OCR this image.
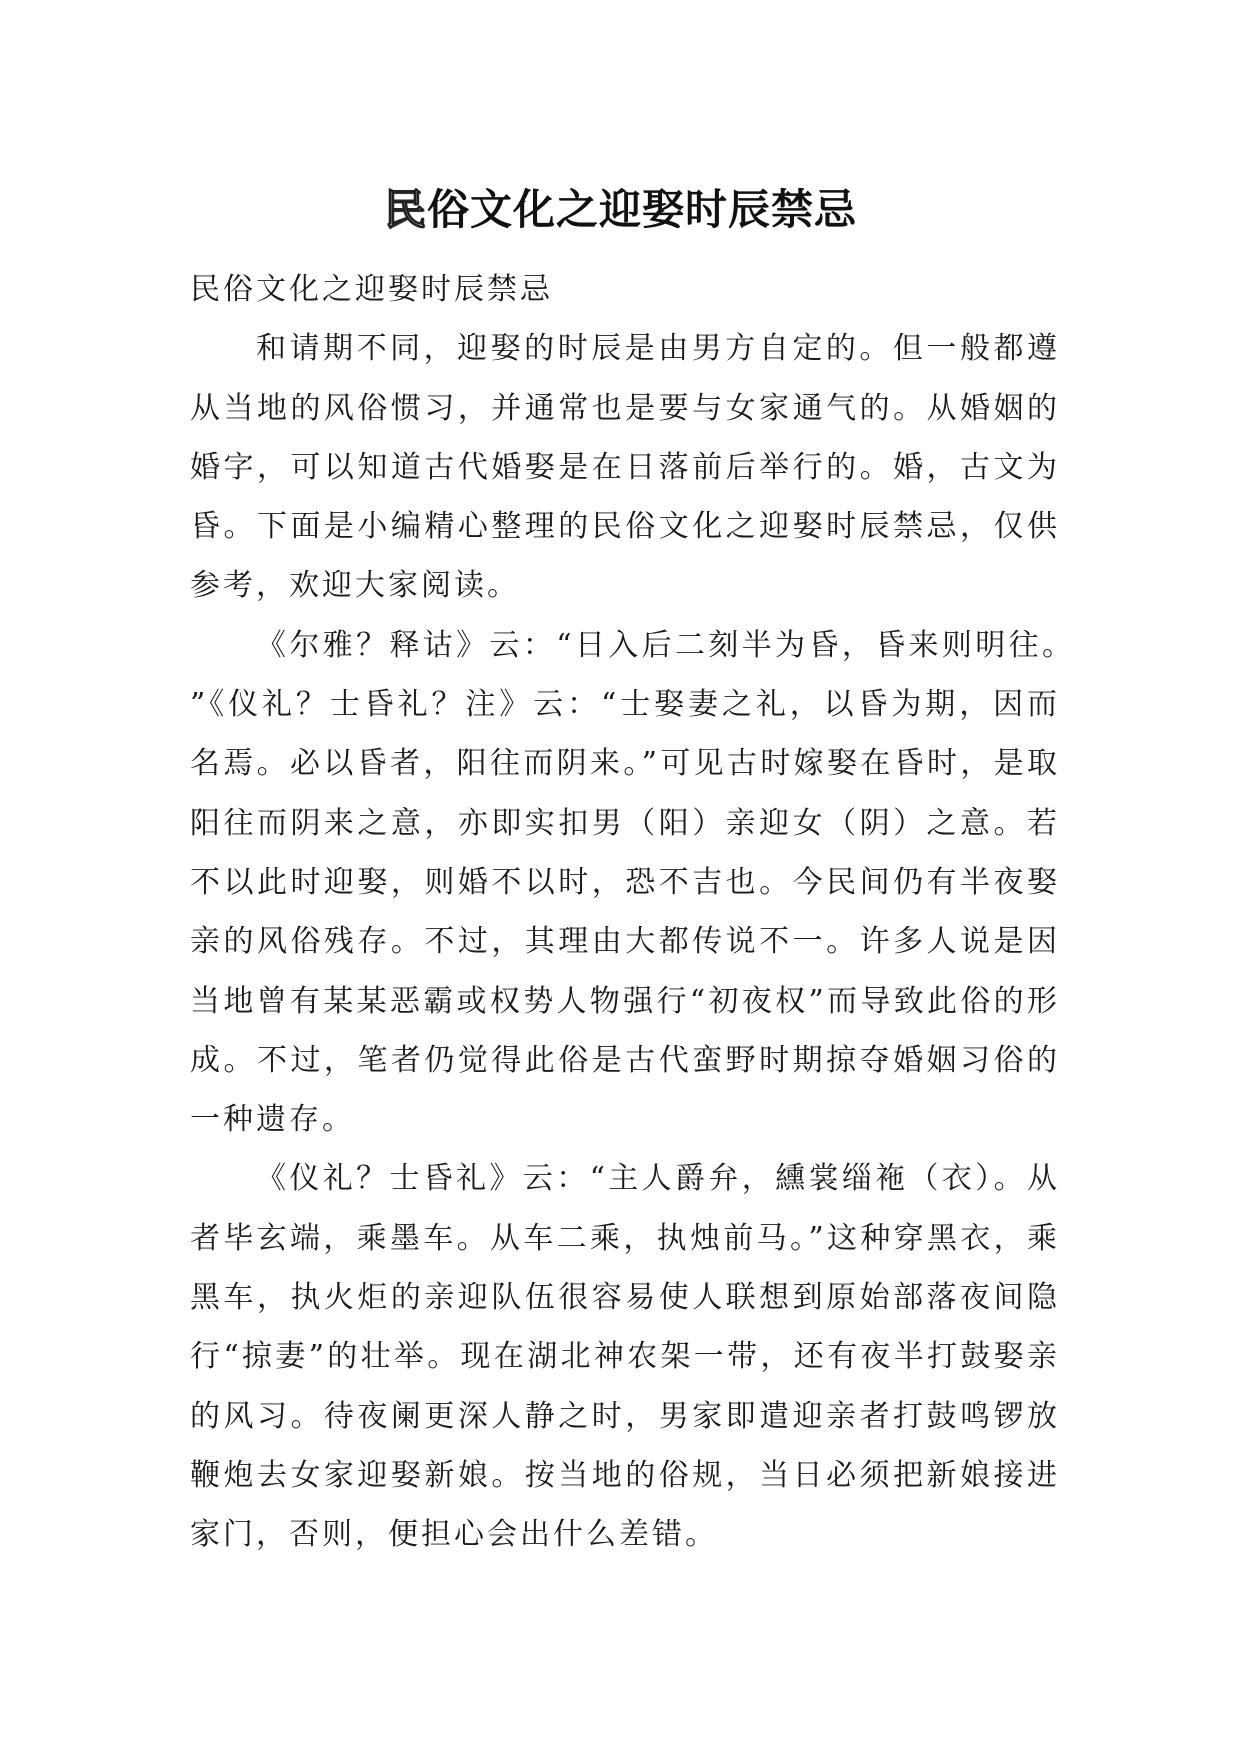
民俗文化之迎娶时辰禁忌

民俗文化之迎娶时辰禁忌

和请期不同，迎娶的时辰是由男方自定的。但一般都遵从当地的风俗惯习，并通常也是要与女家通气的。从婚姻的婚字，可以知道古代婚娶是在日落前后举行的。婚，古文为昏。下面是小编精心整理的民俗文化之迎娶时辰禁忌，仅供参考，欢迎大家阅读。

《尔雅？释诂》云：“日入后二刻半为昏，昏来则明往。”《仪礼？士昏礼？注》云：“士娶妻之礼，以昏为期，因而名焉。必以昏者，阳往而阴来。”可见古时嫁娶在昏时，是取阳往而阴来之意，亦即实扣男（阳）亲迎女（阴）之意。若不以此时迎娶，则婚不以时，恐不吉也。今民间仍有半夜娶亲的风俗残存。不过，其理由大都传说不一。许多人说是因当地曾有某某恶霸或权势人物强行“初夜权”而导致此俗的形成。不过，笔者仍觉得此俗是古代蛮野时期掠夺婚姻习俗的一种遗存。

《仪礼？士昏礼》云：“主人爵弁，纁裳缁袘（衣）。从者毕玄端，乘墨车。从车二乘，执烛前马。”这种穿黑衣，乘黑车，执火炬的亲迎队伍很容易使人联想到原始部落夜间隐行“掠妻”的壮举。现在湖北神农架一带，还有夜半打鼓娶亲的风习。待夜阑更深人静之时，男家即遣迎亲者打鼓鸣锣放鞭炮去女家迎娶新娘。按当地的俗规，当日必须把新娘接进家门，否则，便担心会出什么差错。
